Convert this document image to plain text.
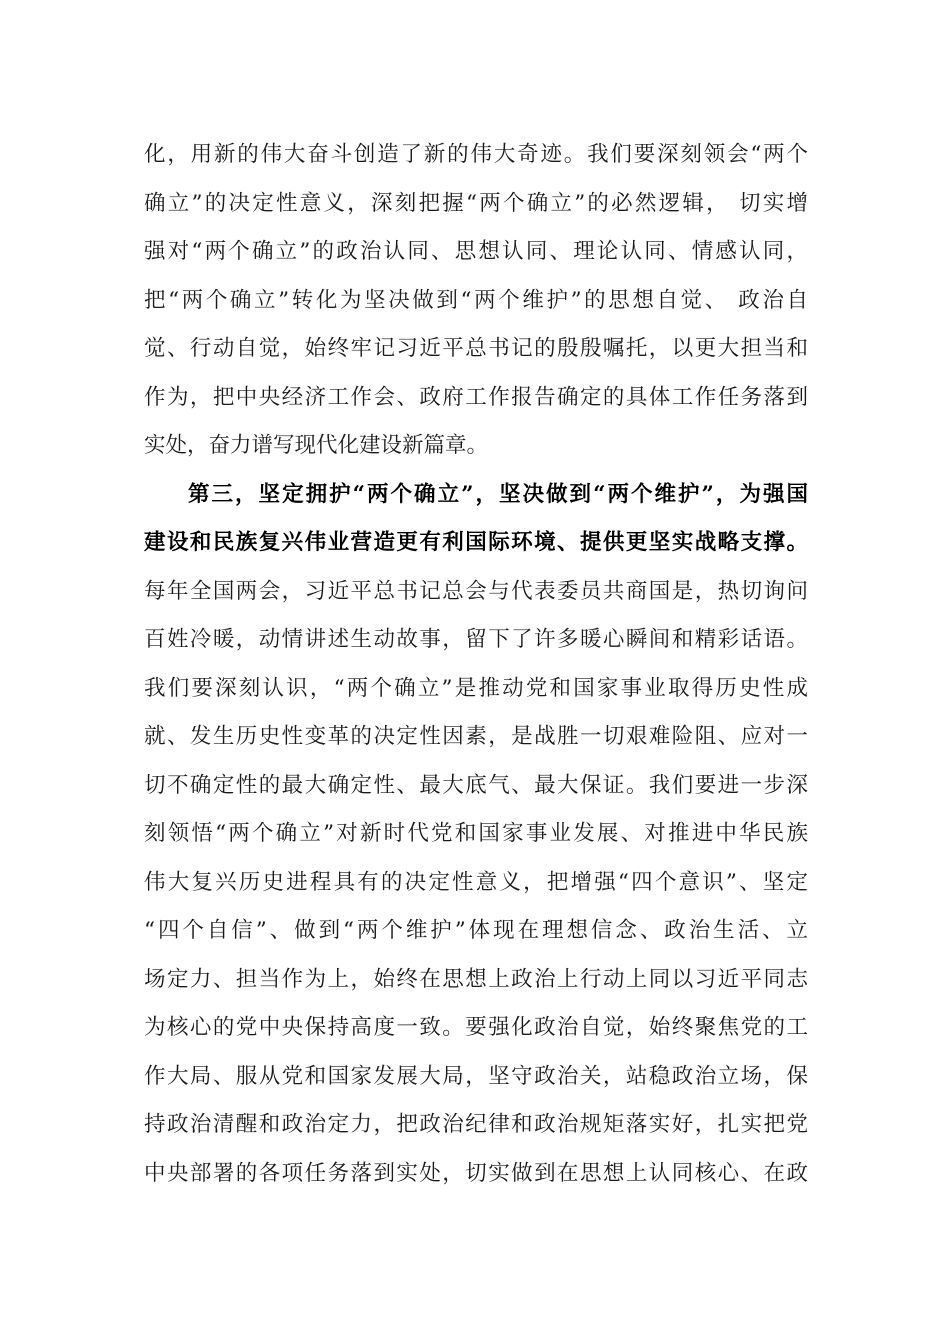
化，用新的伟大奋斗创造了新的伟大奇迹。我们要深刻领会“两个
确立”的决定性意义，深刻把握“两个确立”的必然逻辑， 切实增
强对“两个确立”的政治认同、思想认同、理论认同、情感认同，
把“两个确立”转化为坚决做到“两个维护”的思想自觉、 政治自
觉、行动自觉，始终牢记习近平总书记的殷殷嘱托，以更大担当和
作为，把中央经济工作会、政府工作报告确定的具体工作任务落到
实处，奋力谱写现代化建设新篇章。
第三，坚定拥护“两个确立”，坚决做到“两个维护”，为强国
建设和民族复兴伟业营造更有利国际环境、提供更坚实战略支撑。
每年全国两会，习近平总书记总会与代表委员共商国是，热切询问
百姓冷暖，动情讲述生动故事，留下了许多暖心瞬间和精彩话语。
我们要深刻认识，“两个确立”是推动党和国家事业取得历史性成
就、发生历史性变革的决定性因素，是战胜一切艰难险阻、应对一
切不确定性的最大确定性、最大底气、最大保证。我们要进一步深
刻领悟“两个确立”对新时代党和国家事业发展、对推进中华民族
伟大复兴历史进程具有的决定性意义，把增强“四个意识”、坚定
“四个自信”、做到“两个维护”体现在理想信念、政治生活、立
场定力、担当作为上，始终在思想上政治上行动上同以习近平同志
为核心的党中央保持高度一致。要强化政治自觉，始终聚焦党的工
作大局、服从党和国家发展大局，坚守政治关，站稳政治立场，保
持政治清醒和政治定力，把政治纪律和政治规矩落实好，扎实把党
中央部署的各项任务落到实处，切实做到在思想上认同核心、在政
